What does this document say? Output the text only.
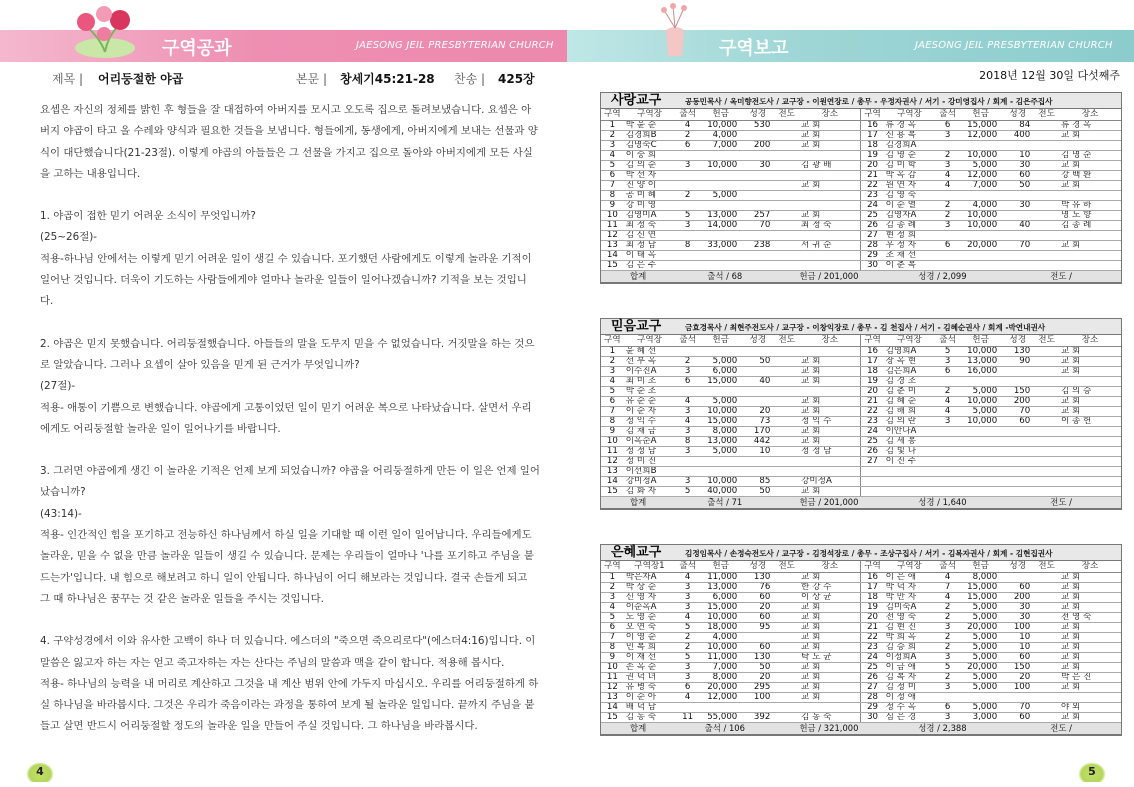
구역공과	JAESONG JEIL PRESBYTERIAN CHURCH	구역보고	JAESONG JEIL PRESBYTERIAN CHURCH
제목 | 어리둥절한 야곱	본문 | 창세기45:21-28 찬송 | 425장

요셉은 자신의 정체를 밝힌 후 형들을 잘 대접하여 아버지를 모시고 오도록 집으로 돌려보냈습니다. 요셉은 아버지 야곱이 타고 올 수레와 양식과 필요한 것들을 보냅니다. 형들에게, 동생에게, 아버지에게 보내는 선물과 양식이 대단했습니다(21-23절). 이렇게 야곱의 아들들은 그 선물을 가지고 집으로 돌아와 아버지에게 모든 사실을 고하는 내용입니다.

1. 야곱이 접한 믿기 어려운 소식이 무엇입니까?

(25~26절)-

적용-하나님 안에서는 이렇게 믿기 어려운 일이 생길 수 있습니다. 포기했던 사람에게도 이렇게 놀라운 기적이 일어난 것입니다. 더욱이 기도하는 사람들에게야 얼마나 놀라운 일들이 일어나겠습니까? 기적을 보는 것입니다.

2. 야곱은 믿지 못했습니다. 어리둥절했습니다. 아들들의 말을 도무지 믿을 수 없었습니다. 거짓말을 하는 것으로 알았습니다. 그러나 요셉이 살아 있음을 믿게 된 근거가 무엇입니까?

(27절)-

적용- 애통이 기쁨으로 변했습니다. 야곱에게 고통이었던 일이 믿기 어려운 복으로 나타났습니다. 살면서 우리에게도 어리둥절할 놀라운 일이 일어나기를 바랍니다.

3. 그러면 야곱에게 생긴 이 놀라운 기적은 언제 보게 되었습니까? 야곱을 어리둥절하게 만든 이 일은 언제 일어났습니까?

(43:14)-

적용- 인간적인 힘을 포기하고 전능하신 하나님께서 하실 일을 기대할 때 이런 일이 일어납니다. 우리들에게도 놀라운, 믿을 수 없을 만큼 놀라운 일들이 생길 수 있습니다. 문제는 우리들이 얼마나 '나를 포기하고 주님을 붙드는가'입니다. 내 힘으로 해보려고 하니 일이 안됩니다. 하나님이 어디 해보라는 것입니다. 결국 손들게 되고 그 때 하나님은 꿈꾸는 것 같은 놀라운 일들을 주시는 것입니다.

4. 구약성경에서 이와 유사한 고백이 하나 더 있습니다. 에스더의 "죽으면 죽으리로다"(에스더4:16)입니다. 이 말씀은 잃고자 하는 자는 얻고 죽고자하는 자는 산다는 주님의 말씀과 맥을 같이 합니다. 적용해 봅시다.

적용- 하나님의 능력을 내 머리로 계산하고 그것을 내 계산 범위 안에 가두지 마십시오. 우리를 어리둥절하게 하실 하나님을 바라봅시다. 그것은 우리가 죽음이라는 과정을 통하여 보게 될 놀라운 일입니다. 끝까지 주님을 붙들고 살면 반드시 어리둥절할 정도의 놀라운 일을 만들어 주실 것입니다. 그 하나님을 바라봅시다.

4	5
2018년 12월 30일 다섯째주
사랑교구	공동민목사 / 옥미향전도사 / 교구장 - 이원연장로 / 총무 - 우정자권사 / 서기 - 강미영집사 / 회계 - 김은주집사
구역	구역장	출석	헌금	성경	전도	장소	구역	구역장	출석	헌금	성경	전도	장소
1	박 윤 순	4	10,000	530		교 회	16	류 경 옥	6	15,000	84		류 경 옥
2	김경희B	2	4,000			교 회	17	신 용 복	3	12,000	400		교 회
3	김명숙C	6	7,000	200		교 회	18	김경희A					
4	이 숭 희						19	김 명 순	2	10,000	10		김 명 순
5	김 의 순	3	10,000	30		김 광 배	20	김 미 학	3	5,000	30		교 회
6	박 선 자						21	박 옥 감	4	12,000	60		강 백 환
7	진 양 이					교 회	22	원 연 자	4	7,000	50		교 회
8	공 미 혜	2	5,000				23	김 영 숙					
9	강 미 영						24	이 순 열	2	4,000	30		박 유 하
10	김영미A	5	13,000	257		교 회	25	김영자A	2	10,000			명 노 향
11	최 정 숙	3	14,000	70		최 정 숙	26	김 종 례	3	10,000	40		김 종 례
12	김 신 연						27	현 정 희					
13	최 정 남	8	33,000	238		서 귀 순	28	우 정 자	6	20,000	70		교 회
14	이 태 옥						29	조 채 선					
15	김 은 주						30	이 춘 복					
합계		출석 / 68			헌금 / 201,000			성경 / 2,099			전도 /		
믿음교구	금효경목사 / 최현주전도사 / 교구장 - 이창익장로 / 총무 - 김 천집사 / 서기 - 김혜순권사 / 회계 -박연내권사
구역	구역장	출석	헌금	성경	전도	장소	구역	구역장	출석	헌금	성경	전도	장소
1	윤 혜 선						16	김영희A	5	10,000	130		교 회
2	선 부 옥	2	5,000	50		교 회	17	장 옥 현	3	13,000	90		교 회
3	이수진A	3	6,000			교 회	18	김은희A	6	16,000			교 회
4	최 미 조	6	15,000	40		교 회	19	김 경 조					
5	박 순 조						20	김 춘 미	2	5,000	150		김 의 승
6	유 순 순	4	5,000			교 회	21	김 혜 순	4	10,000	200		교 회
7	이 순 자	3	10,000	20		교 회	22	김 해 희	4	5,000	70		교 회
8	정 익 수	4	15,000	73		정 익 수	23	김 의 란	3	10,000	60		이 종 헌
9	김 채 금	3	8,000	170		교 회	24	이안나A					
10	이옥순A	8	13,000	442		교 회	25	김 세 봉					
11	정 정 남	3	5,000	10		정 정 남	26	김 빛 나					
12	정 미 진						27	이 진 주					
13	이선희B												
14	강미정A	3	10,000	85		강미정A							
15	김 화 자	5	40,000	50		교 회							
합계		출석 / 71			헌금 / 201,000			성경 / 1,640			전도 /		
은혜교구	김정임목사 / 손정숙전도사 / 교구장 - 김정석장로 / 총무 - 조상구집사 / 서기 - 김복자권사 / 회계 - 김현집권사
구역	구역장1	출석	헌금	성경	전도	장소	구역	구역장	출석	헌금	성경	전도	장소
1	박은자A	4	11,000	130		교 회	16	이 은 애	4	8,000			교 회
2	박 상 순	3	13,000	76		한 강 수	17	박 덕 자	7	15,000	60		교 회
3	신 영 자	3	6,000	60		이 상 균	18	박 만 자	4	15,000	200		교 회
4	이순옥A	3	15,000	20		교 회	19	김미숙A	2	5,000	30		교 회
5	노 영 순	4	10,000	60		교 회	20	전 영 숙	2	5,000	30		전 영 숙
6	오 연 숙	5	18,000	95		교 회	21	김 현 진	3	20,000	100		교 회
7	이 영 순	2	4,000			교 회	22	박 희 옥	2	5,000	10		교 회
8	민 복 희	2	10,000	60		교 회	23	김 승 희	2	5,000	10		교 회
9	이 재 선	5	11,000	130		탁 도 균	24	이정희A	3	5,000	60		교 회
10	손 옥 순	3	7,000	50		교 회	25	이 금 애	5	20,000	150		교 회
11	권 덕 녀	3	8,000	20		교 회	26	김 복 자	2	5,000	20		박 은 진
12	유 병 숙	6	20,000	295		교 회	27	김 정 미	3	5,000	100		교 회
13	이 순 아	4	12,000	100		교 회	28	이 정 애					
14	배 덕 남						29	정 수 옥	6	5,000	70		야 외
15	김 동 숙	11	55,000	392		김 동 숙	30	심 은 경	3	3,000	60		교 회
합계		출석 / 106			헌금 / 321,000			성경 / 2,388			전도 /		
